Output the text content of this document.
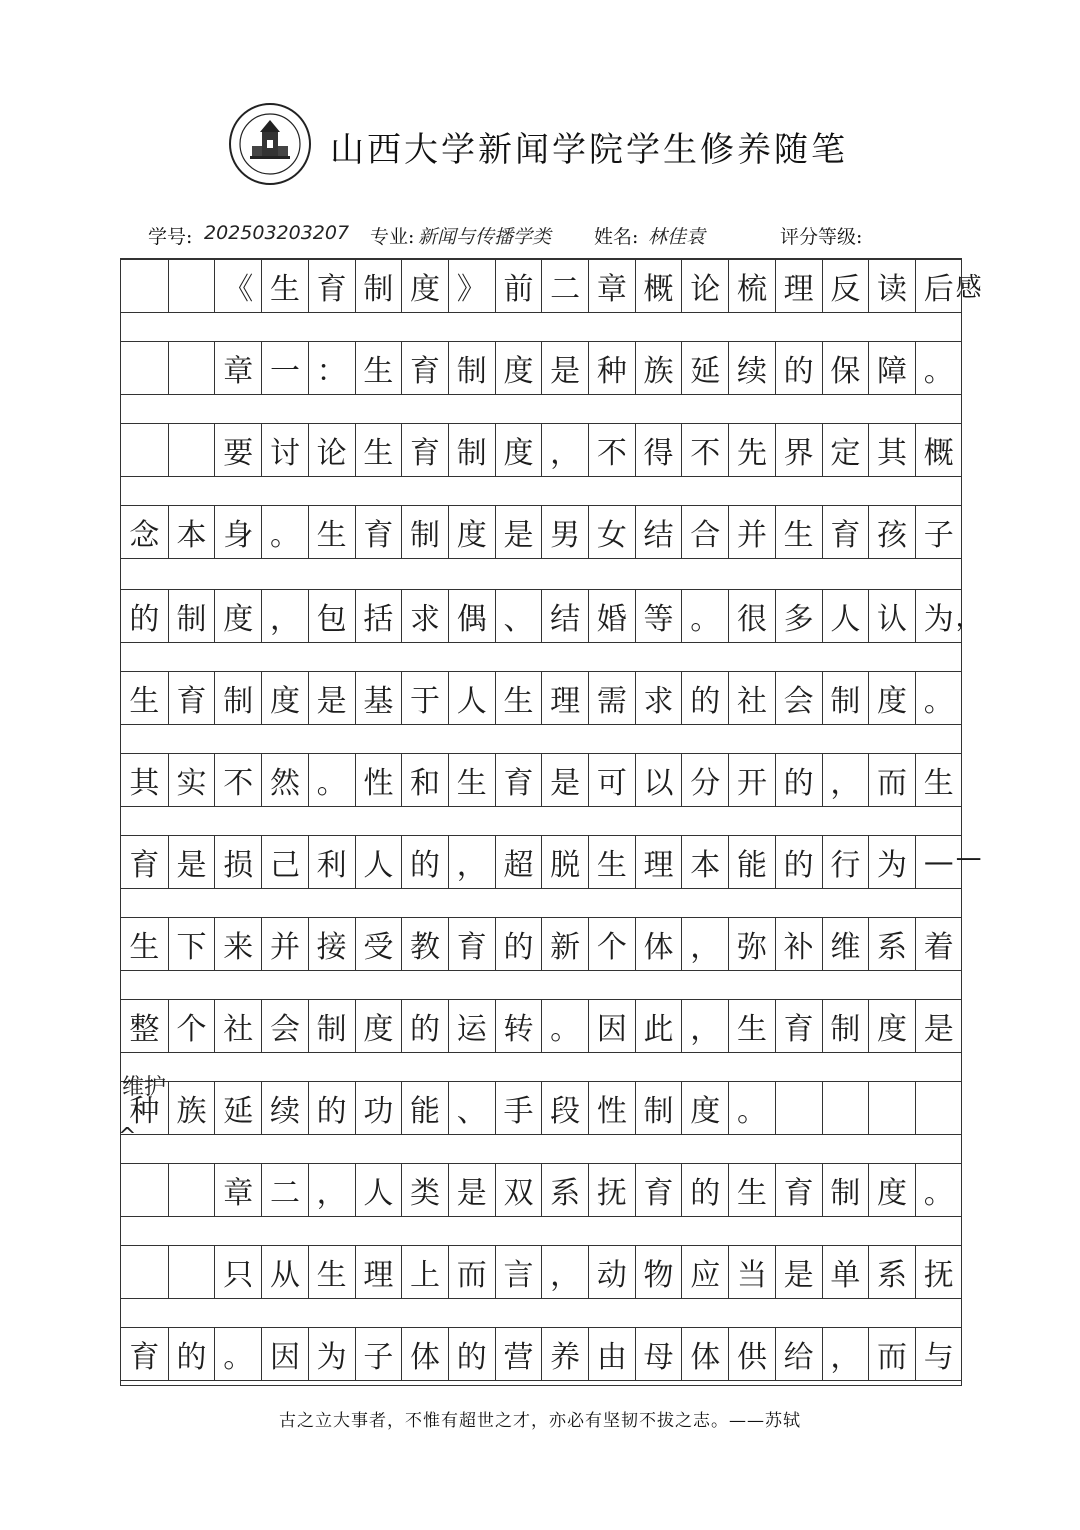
山西大学新闻学院学生修养随笔
学号: 202503203207 专业: 新闻与传播学类 姓名: 林佳袁	评分等级:
《 生 育 制 度 》 前 二 章 概 论 梳 理 反 读 后 感
章 一 ： 生 育 制 度 是 种 族 延 续 的 保 障 。
要 讨 论 生 育 制 度 ， 不 得 不 先 界 定 其 概
念 本 身 。 生 育 制 度 是 男 女 结 合 并 生 育 孩 子
的 制 度 ， 包 括 求 偶 、 结 婚 等 。 很 多 人 认 为 ，
生 育 制 度 是 基 于 人 生 理 需 求 的 社 会 制 度 。
其 实 不 然 。 性 和 生 育 是 可 以 分 开 的 ， 而 生
育 是 损 己 利 人 的 ， 超 脱 生 理 本 能 的 行 为 — —
生 下 来 并 接 受 教 育 的 新 个 体 ， 弥 补 维 系 着
整 个 社 会 制 度 的 运 转 。 因 此 ， 生 育 制 度 是
种 族 延 续 的 功 能 、 手 段 性 制 度 。
章 二 ， 人 类 是 双 系 抚 育 的 生 育 制 度 。
只 从 生 理 上 而 言 ， 动 物 应 当 是 单 系 抚
育 的 。 因 为 子 体 的 营 养 由 母 体 供 给 ， 而 与
维护
^
古之立大事者，不惟有超世之才，亦必有坚韧不拔之志。——苏轼
